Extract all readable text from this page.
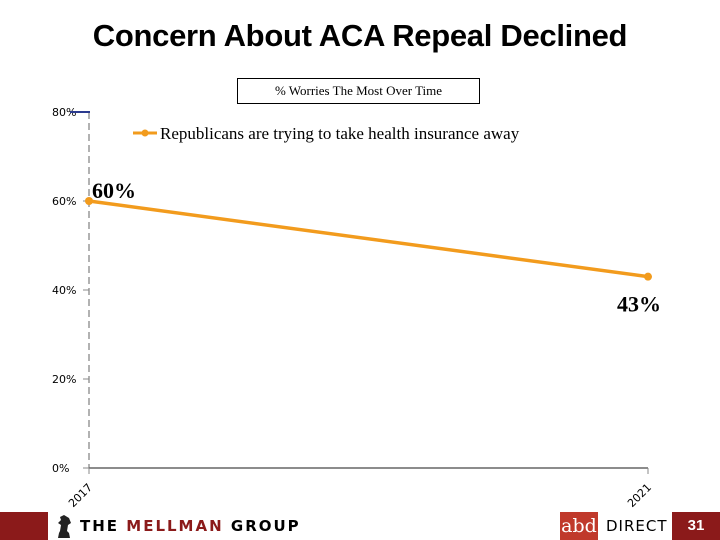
Concern About ACA Repeal Declined
0%
20%
40%
60%
80%
2017	2021
Republicans are trying to take health insurance away
60%
43%
% Worries The Most Over Time
THE MELLMAN GROUP	abd DIRECT	31
